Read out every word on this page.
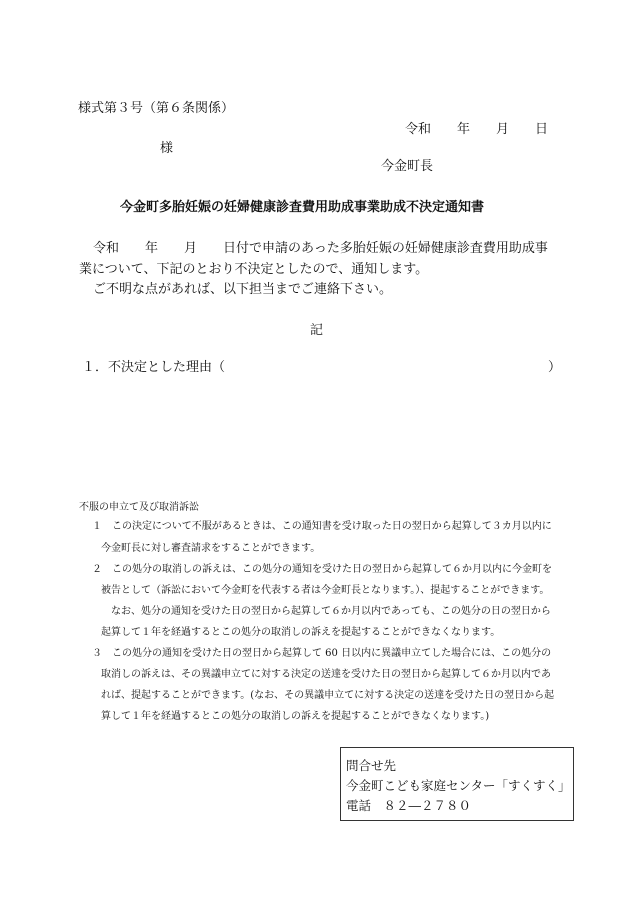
様式第３号（第６条関係）
令和　　年　　月　　日
様
今金町長
今金町多胎妊娠の妊婦健康診査費用助成事業助成不決定通知書
令和　　年　　月　　日付で申請のあった多胎妊娠の妊婦健康診査費用助成事
業について、下記のとおり不決定としたので、通知します。
ご不明な点があれば、以下担当までご連絡下さい。
記
１．不決定とした理由（	）
不服の申立て及び取消訴訟
１　この決定について不服があるときは、この通知書を受け取った日の翌日から起算して３カ月以内に
今金町長に対し審査請求をすることができます。
２　この処分の取消しの訴えは、この処分の通知を受けた日の翌日から起算して６か月以内に今金町を
被告として（訴訟において今金町を代表する者は今金町長となります。）、提起することができます。
なお、処分の通知を受けた日の翌日から起算して６か月以内であっても、この処分の日の翌日から
起算して１年を経過するとこの処分の取消しの訴えを提起することができなくなります。
３　この処分の通知を受けた日の翌日から起算して 60 日以内に異議申立てした場合には、この処分の
取消しの訴えは、その異議申立てに対する決定の送達を受けた日の翌日から起算して６か月以内であ
れば、提起することができます。(なお、その異議申立てに対する決定の送達を受けた日の翌日から起
算して１年を経過するとこの処分の取消しの訴えを提起することができなくなります。)
問合せ先
今金町こども家庭センター「すくすく」
電話　８２―２７８０
